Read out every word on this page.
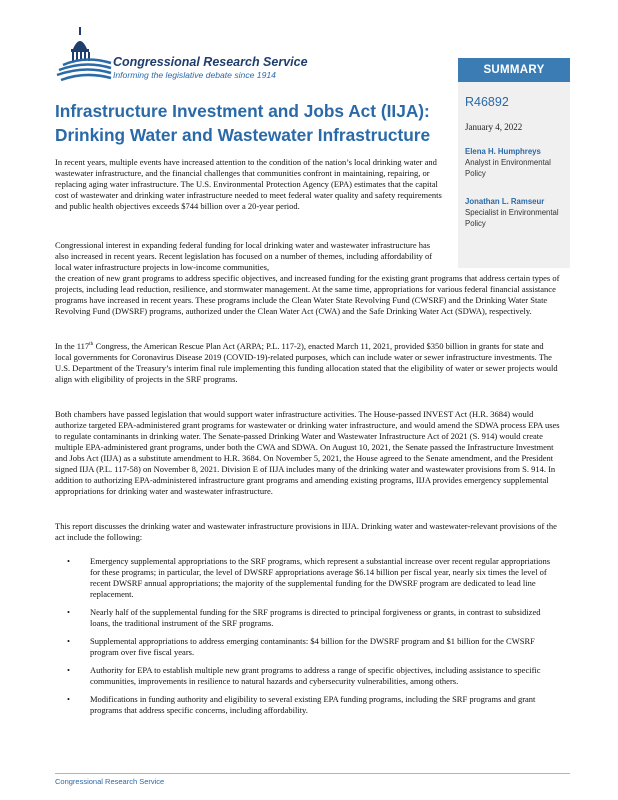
Congressional Research Service
Informing the legislative debate since 1914	SUMMARY
R46892
January 4, 2022
Elena H. Humphreys
Analyst in Environmental Policy
Jonathan L. Ramseur
Specialist in Environmental Policy
Infrastructure Investment and Jobs Act (IIJA): Drinking Water and Wastewater Infrastructure

In recent years, multiple events have increased attention to the condition of the nation’s local drinking water and wastewater infrastructure, and the financial challenges that communities confront in maintaining, repairing, or replacing aging water infrastructure. The U.S. Environmental Protection Agency (EPA) estimates that the capital cost of wastewater and drinking water infrastructure needed to meet federal water quality and safety requirements and public health objectives exceeds $744 billion over a 20-year period.

Congressional interest in expanding federal funding for local drinking water and wastewater infrastructure has also increased in recent years. Recent legislation has focused on a number of themes, including affordability of local water infrastructure projects in low-income communities,

the creation of new grant programs to address specific objectives, and increased funding for the existing grant programs that address certain types of projects, including lead reduction, resilience, and stormwater management. At the same time, appropriations for various federal financial assistance programs have increased in recent years. These programs include the Clean Water State Revolving Fund (CWSRF) and the Drinking Water State Revolving Fund (DWSRF) programs, authorized under the Clean Water Act (CWA) and the Safe Drinking Water Act (SDWA), respectively.

In the 117th Congress, the American Rescue Plan Act (ARPA; P.L. 117-2), enacted March 11, 2021, provided $350 billion in grants for state and local governments for Coronavirus Disease 2019 (COVID-19)-related purposes, which can include water or sewer infrastructure investments. The U.S. Department of the Treasury’s interim final rule implementing this funding allocation stated that the eligibility of water or sewer projects would align with eligibility of projects in the SRF programs.

Both chambers have passed legislation that would support water infrastructure activities. The House-passed INVEST Act (H.R. 3684) would authorize targeted EPA-administered grant programs for wastewater or drinking water infrastructure, and would amend the SDWA process EPA uses to regulate contaminants in drinking water. The Senate-passed Drinking Water and Wastewater Infrastructure Act of 2021 (S. 914) would create multiple EPA-administered grant programs, under both the CWA and SDWA. On August 10, 2021, the Senate passed the Infrastructure Investment and Jobs Act (IIJA) as a substitute amendment to H.R. 3684. On November 5, 2021, the House agreed to the Senate amendment, and the President signed IIJA (P.L. 117-58) on November 8, 2021. Division E of IIJA includes many of the drinking water and wastewater provisions from S. 914. In addition to authorizing EPA-administered infrastructure grant programs and amending existing programs, IIJA provides emergency supplemental appropriations for drinking water and wastewater infrastructure.

This report discusses the drinking water and wastewater infrastructure provisions in IIJA. Drinking water and wastewater-relevant provisions of the act include the following:

• Emergency supplemental appropriations to the SRF programs, which represent a substantial increase over recent regular appropriations for these programs; in particular, the level of DWSRF appropriations average $6.14 billion per fiscal year, nearly six times the level of recent DWSRF annual appropriations; the majority of the supplemental funding for the DWSRF program are dedicated to lead line replacement.
• Nearly half of the supplemental funding for the SRF programs is directed to principal forgiveness or grants, in contrast to subsidized loans, the traditional instrument of the SRF programs.
• Supplemental appropriations to address emerging contaminants: $4 billion for the DWSRF program and $1 billion for the CWSRF program over five fiscal years.
• Authority for EPA to establish multiple new grant programs to address a range of specific objectives, including assistance to specific communities, improvements in resilience to natural hazards and cybersecurity vulnerabilities, among others.
• Modifications in funding authority and eligibility to several existing EPA funding programs, including the SRF programs and grant programs that address specific concerns, including affordability.
Congressional Research Service
